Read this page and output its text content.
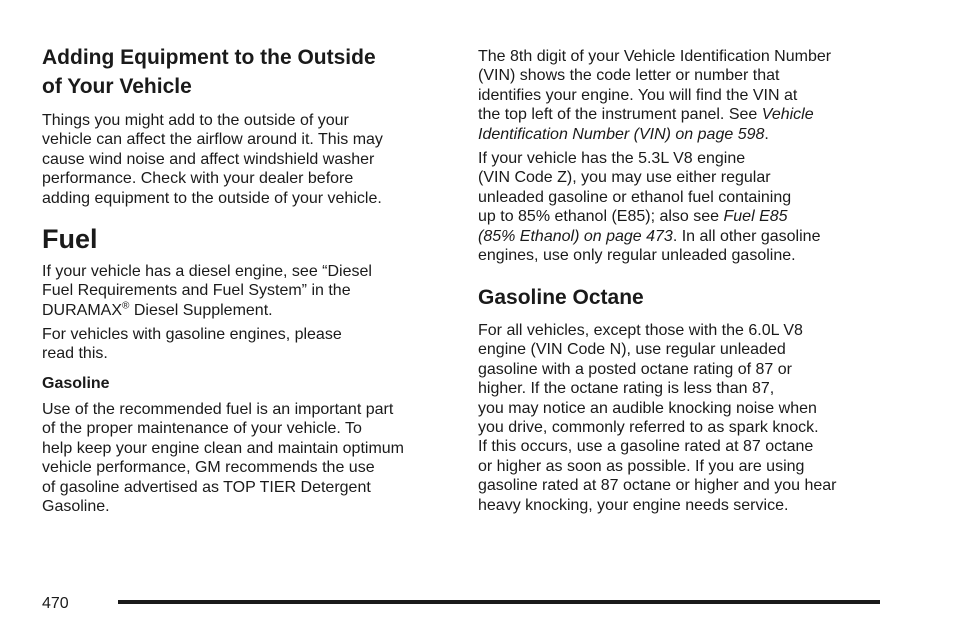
Adding Equipment to the Outside
of Your Vehicle

Things you might add to the outside of your
vehicle can affect the airflow around it. This may
cause wind noise and affect windshield washer
performance. Check with your dealer before
adding equipment to the outside of your vehicle.

Fuel

If your vehicle has a diesel engine, see “Diesel
Fuel Requirements and Fuel System” in the
DURAMAX® Diesel Supplement.

For vehicles with gasoline engines, please
read this.

Gasoline

Use of the recommended fuel is an important part
of the proper maintenance of your vehicle. To
help keep your engine clean and maintain optimum
vehicle performance, GM recommends the use
of gasoline advertised as TOP TIER Detergent
Gasoline.

The 8th digit of your Vehicle Identification Number
(VIN) shows the code letter or number that
identifies your engine. You will find the VIN at
the top left of the instrument panel. See Vehicle
Identification Number (VIN) on page 598.

If your vehicle has the 5.3L V8 engine
(VIN Code Z), you may use either regular
unleaded gasoline or ethanol fuel containing
up to 85% ethanol (E85); also see Fuel E85
(85% Ethanol) on page 473. In all other gasoline
engines, use only regular unleaded gasoline.

Gasoline Octane

For all vehicles, except those with the 6.0L V8
engine (VIN Code N), use regular unleaded
gasoline with a posted octane rating of 87 or
higher. If the octane rating is less than 87,
you may notice an audible knocking noise when
you drive, commonly referred to as spark knock.
If this occurs, use a gasoline rated at 87 octane
or higher as soon as possible. If you are using
gasoline rated at 87 octane or higher and you hear
heavy knocking, your engine needs service.

470
